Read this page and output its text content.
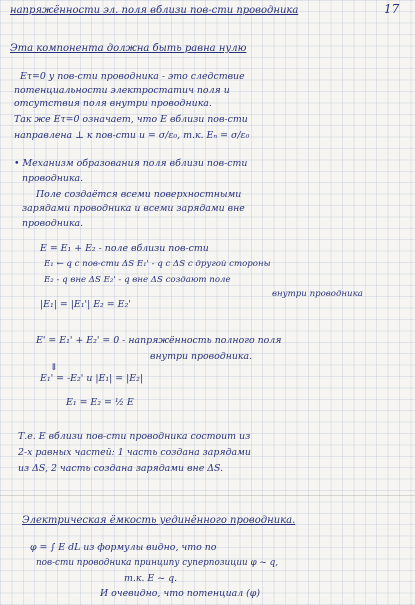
17
напряжённости эл. поля вблизи пов-сти проводника
Эта компонента должна быть равна нулю
Eτ=0 у пов-сти проводника - это следствие
потенциальности электростатич поля и
отсутствия поля внутри проводника.
Так же Eτ=0 означает, что E вблизи пов-сти
направлена ⊥ к пов-сти и = σ/ε₀, т.к. Eₙ = σ/ε₀
• Механизм образования поля вблизи пов-сти
проводника.
Поле создаётся всеми поверхностными
зарядами проводника и всеми зарядами вне
проводника.
E = E₁ + E₂ - поле вблизи пов-сти
E₁ ← q с пов-сти ΔS E₁' - q с ΔS с другой стороны
E₂ - q вне ΔS E₂' - q вне ΔS создают поле
внутри проводника
|E₁| = |E₁'| E₂ = E₂'
E' = E₁' + E₂' = 0 - напряжённость полного поля
внутри проводника.
⇓
E₁' = -E₂' и |E₁| = |E₂|
E₁ = E₂ = ½ E
Т.е. E вблизи пов-сти проводника состоит из
2-х равных частей: 1 часть создана зарядами
из ΔS, 2 часть создана зарядами вне ΔS.
Электрическая ёмкость уединённого проводника.
φ = ∫ E dL из формулы видно, что по
пов-сти проводника принципу суперпозиции φ ~ q,
т.к. E ~ q.
И очевидно, что потенциал (φ)
